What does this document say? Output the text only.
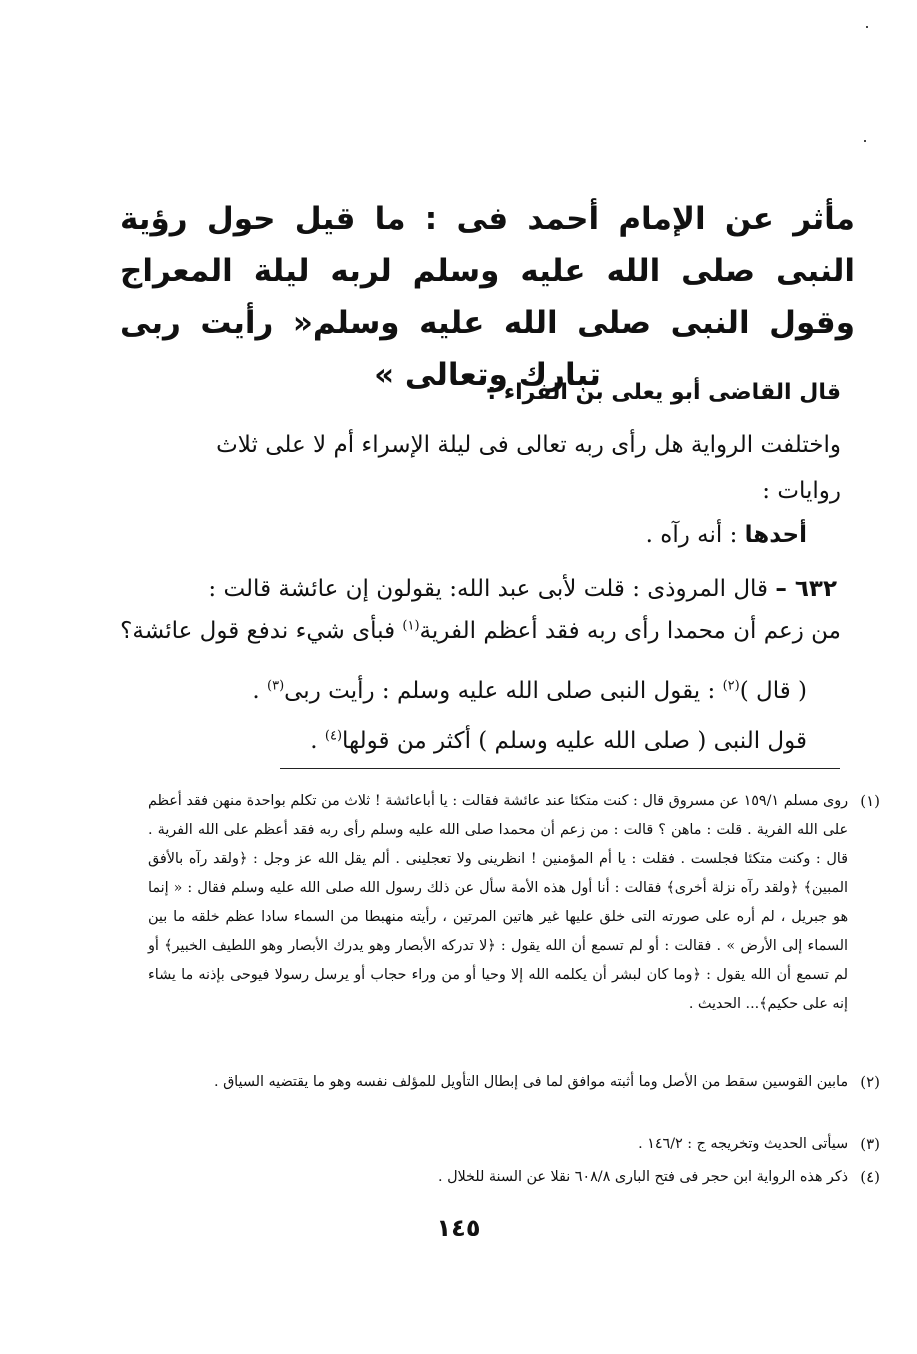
مأثر عن الإمام أحمد فى : ما قيل حول رؤية النبى صلى الله عليه وسلم لربه ليلة المعراج وقول النبى صلى الله عليه وسلم« رأيت ربى تبارك وتعالى »
قال القاضى أبو يعلى بن الفراء :
واختلفت الرواية هل رأى ربه تعالى فى ليلة الإسراء أم لا على ثلاث
روايات :
أحدها : أنه رآه .
٦٣٢ – قال المروذى : قلت لأبى عبد الله: يقولون إن عائشة قالت :
من زعم أن محمدا رأى ربه فقد أعظم الفرية$^{(١)}$ فبأى شيء ندفع قول عائشة؟
( قال )$^{(٢)}$ : يقول النبى صلى الله عليه وسلم : رأيت ربى$^{(٣)}$ .
قول النبى ( صلى الله عليه وسلم ) أكثر من قولها$^{(٤)}$ .
(١)
روى مسلم ١٥٩/١ عن مسروق قال : كنت متكئا عند عائشة فقالت : يا أباعائشة ! ثلاث من تكلم بواحدة منهن فقد أعظم على الله الفرية . قلت : ماهن ؟ قالت : من زعم أن محمدا صلى الله عليه وسلم رأى ربه فقد أعظم على الله الفرية . قال : وكنت متكئا فجلست . فقلت : يا أم المؤمنين ! انظرينى ولا تعجلينى . ألم يقل الله عز وجل : ﴿ولقد رآه بالأفق المبين﴾ ﴿ولقد رآه نزلة أخرى﴾ فقالت : أنا أول هذه الأمة سأل عن ذلك رسول الله صلى الله عليه وسلم فقال : « إنما هو جبريل ، لم أره على صورته التى خلق عليها غير هاتين المرتين ، رأيته منهبطا من السماء سادا عظم خلقه ما بين السماء إلى الأرض » . فقالت : أو لم تسمع أن الله يقول : ﴿لا تدركه الأبصار وهو يدرك الأبصار وهو اللطيف الخبير﴾ أو لم تسمع أن الله يقول : ﴿وما كان لبشر أن يكلمه الله إلا وحيا أو من وراء حجاب أو يرسل رسولا فيوحى بإذنه ما يشاء إنه على حكيم﴾... الحديث .
(٢)
مابين القوسين سقط من الأصل وما أثبته موافق لما فى إبطال التأويل للمؤلف نفسه وهو ما يقتضيه السياق .
(٣)
سيأتى الحديث وتخريجه ج : ١٤٦/٢ .
(٤)
ذكر هذه الرواية ابن حجر فى فتح البارى ٦٠٨/٨ نقلا عن السنة للخلال .
١٤٥
